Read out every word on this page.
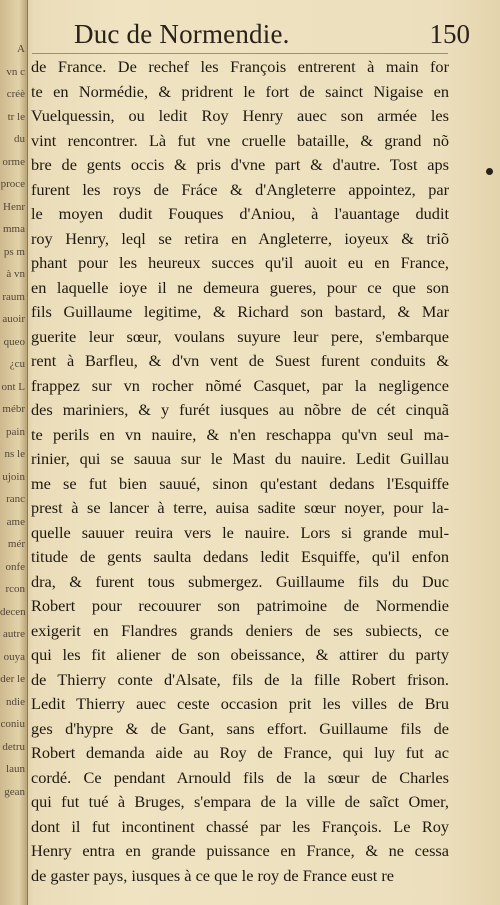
A
vn c
créè
tr le
du
orme
proce
Henr
mma
ps m
à vn
raum
auoir
queo
¿cu
ont L
mébr
pain
ns le
ujoin
ranc
ame
mér
onfe
rcon
decen
autre
ouya
der le
ndie
coniu
detru
laun
gean
Duc de Normendie.	150
de France. De rechef les François entrerent à main for
te en Normédie, & pridrent le fort de sainct Nigaise en
Vuelquessin, ou ledit Roy Henry auec son armée les
vint rencontrer. Là fut vne cruelle bataille, & grand nõ
bre de gents occis & pris d'vne part & d'autre. Tost aps
furent les roys de Fráce & d'Angleterre appointez, par
le moyen dudit Fouques d'Aniou, à l'auantage dudit
roy Henry, leql se retira en Angleterre, ioyeux & triõ
phant pour les heureux succes qu'il auoit eu en France,
en laquelle ioye il ne demeura gueres, pour ce que son
fils Guillaume legitime, & Richard son bastard, & Mar
guerite leur sœur, voulans suyure leur pere, s'embarque
rent à Barfleu, & d'vn vent de Suest furent conduits &
frappez sur vn rocher nõmé Casquet, par la negligence
des mariniers, & y furét iusques au nõbre de cét cinquã
te perils en vn nauire, & n'en reschappa qu'vn seul ma-
rinier, qui se sauua sur le Mast du nauire. Ledit Guillau
me se fut bien sauué, sinon qu'estant dedans l'Esquiffe
prest à se lancer à terre, auisa sadite sœur noyer, pour la-
quelle sauuer reuira vers le nauire. Lors si grande mul-
titude de gents saulta dedans ledit Esquiffe, qu'il enfon
dra, & furent tous submergez. Guillaume fils du Duc
Robert pour recouurer son patrimoine de Normendie
exigerit en Flandres grands deniers de ses subiects, ce
qui les fit aliener de son obeissance, & attirer du party
de Thierry conte d'Alsate, fils de la fille Robert frison.
Ledit Thierry auec ceste occasion prit les villes de Bru
ges d'hypre & de Gant, sans effort. Guillaume fils de
Robert demanda aide au Roy de France, qui luy fut ac
cordé. Ce pendant Arnould fils de la sœur de Charles
qui fut tué à Bruges, s'empara de la ville de saĩct Omer,
dont il fut incontinent chassé par les François. Le Roy
Henry entra en grande puissance en France, & ne cessa
de gaster pays, iusques à ce que le roy de France eust re
